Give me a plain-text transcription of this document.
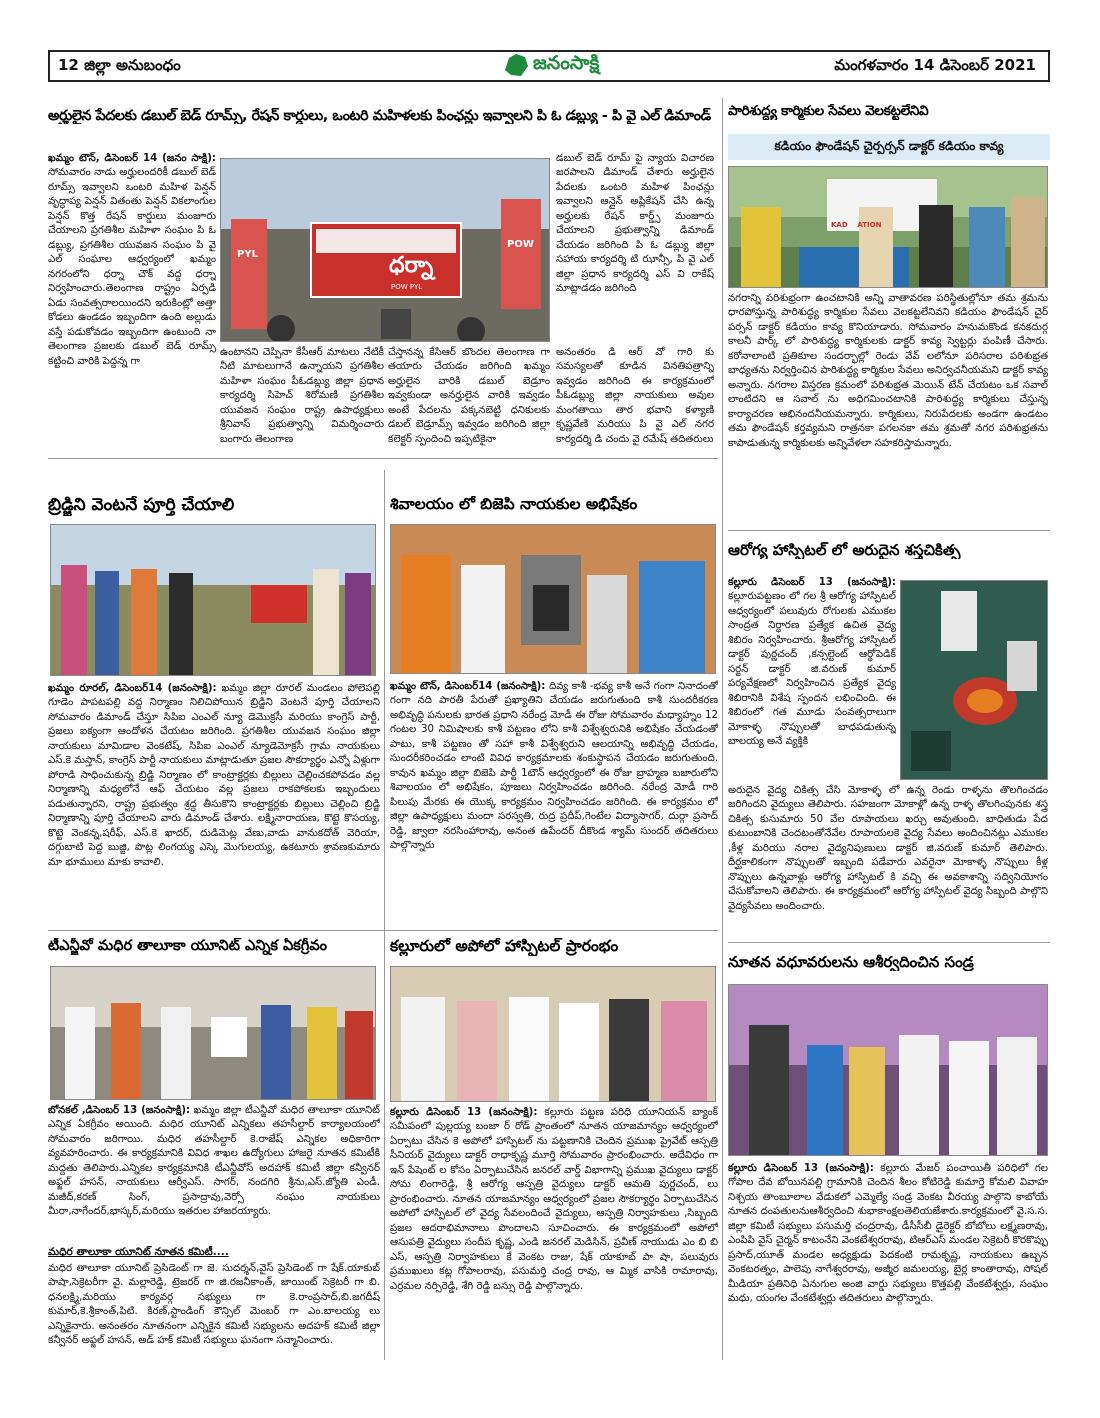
12 జిల్లా అనుబంధం	జనంసాక్షి	మంగళవారం 14 డిసెంబర్ 2021
అర్హులైన పేదలకు డబుల్ బెడ్ రూమ్స్, రేషన్ కార్డులు, ఒంటరి మహిళలకు పింఛన్లు ఇవ్వాలని పి ఓ డబ్ల్యు - పి వై ఎల్ డిమాండ్
ఖమ్మం టౌన్, డిసెంబర్ 14 (జనం సాక్షి): సోమవారం నాడు అర్హులందరికీ డబుల్ బెడ్ రూమ్స్ ఇవ్వాలని ఒంటరి మహిళ పెన్షన్ వృద్ధాప్య పెన్షన్ వితంతు పెన్షన్ వికలాంగుల పెన్షన్ కొత్త రేషన్ కార్డులు మంజూరు చేయాలని ప్రగతిశీల మహిళా సంఘం పి ఓ డబ్ల్యు, ప్రగతిశీల యువజన సంఘం పి వై ఎల్ సంఘాల ఆధ్వర్యంలో ఖమ్మం నగరంలోని ధర్నా చౌక్ వద్ద ధర్నా నిర్వహించారు.తెలంగాణ రాష్ట్రం ఏర్పడి ఏడు సంవత్సరాలయిందని ఇరుకింట్లో అత్తా కోడలు ఉండడం ఇబ్బందిగా ఉంది అల్లుడు వస్తే పడుకోవడం ఇబ్బందిగా ఉంటుంది నా తెలంగాణ ప్రజలకు డబుల్ బెడ్ రూమ్స్ కట్టించి వారికి పెద్దన్న గా
ధర్నా
POW PYL
PYL
POW
ఉంటానని చెప్పినా కేసీఆర్ మాటలు నేటికీ నీటి మాటలుగానే ఉన్నాయని ప్రగతిశీల మహిళా సంఘం పీఓడబ్ల్యు జిల్లా ప్రధాన కార్యదర్శి సిహెచ్ శిరోమణి ప్రగతిశీల యువజన సంఘం రాష్ట్ర ఉపాధ్యక్షులు శ్రీనివాస్ ప్రభుత్వాన్ని విమర్శించారు బంగారు తెలంగాణ
చేస్తానన్న కేసిఆర్ బొందల తెలంగాణ గా తయారు చేయడం జరిగింది ఖమ్మం అర్హులైన వారికి డబుల్ బెడ్రూం ఇవ్వకుండా అనర్హులైన వారికి ఇవ్వడం అంటే పేదలను పక్కనబెట్టి ధనికులకు డబల్ బెడ్రూమ్స్ ఇవ్వడం జరిగింది జిల్లా కలెక్టర్ స్పందించి ఇప్పటికైనా
డబుల్ బెడ్ రూమ్ పై న్యాయ విచారణ జరపాలని డిమాండ్ చేశారు అర్హులైన పేదలకు ఒంటరి మహిళ పింఛన్లు ఇవ్వాలని ఆన్లైన్ అప్లికేషన్ చేసి ఉన్న అర్హులకు రేషన్ కార్డ్స్ మంజూరు చేయాలని ప్రభుత్వాన్ని డిమాండ్ చేయడం జరిగింది పి ఓ డబ్ల్యు జిల్లా సహాయ కార్యదర్శి టి ఝాన్సీ, పి వై ఎల్ జిల్లా ప్రధాన కార్యదర్శి ఎస్ వి రాకేష్ మాట్లాడడం జరిగింది
అనంతరం డి ఆర్ వో గారి కు సమస్యలతో కూడిన వినతిపత్రాన్ని ఇవ్వడం జరిగింది ఈ కార్యక్రమంలో పీఓడబ్ల్యు జిల్లా నాయకులు అవుల మంగతాయి తార భవాని కళ్యాణి కృష్ణవేణి మరియు పి వై ఎల్ నగర కార్యదర్శి డి చందు వై రమేష్ తదితరులు
పారిశుద్ధ్య కార్మికుల సేవలు వెలకట్టలేనివి
కడియం ఫౌండేషన్ చైర్పర్సన్ డాక్టర్ కడియం కావ్య
KAD    ATION
నగరాన్ని పరిశుభ్రంగా ఉంచటానికి అన్ని వాతావరణ పరిస్థితుల్లోనూ తమ శ్రమను ధారపోస్తున్న పారిశుద్ధ్య కార్మికుల సేవలు వెలకట్టలేనివని కడియం ఫౌండేషన్ చైర్ పర్సన్ డాక్టర్ కడియం కావ్య కొనియాడారు. సోమవారం హనుమకొండ కనకదుర్గ కాలనీ పార్క్ లో పారిశుద్ధ్య కార్మికులకు డాక్టర్ కావ్య స్వెట్టర్లు పంపిణీ చేసారు. కరోనాలాంటి ప్రతికూల సందర్భాల్లో రెండు వేవ్ లలోనూ పరిసరాల పరిశుభ్రత బాధ్యతను నిర్వర్తించిన పారిశుద్ధ్య కార్మికుల సేవలు అనిర్వచనీయమని డాక్టర్ కావ్య అన్నారు. నగరాల విస్తరణ క్రమంలో పరిశుభ్రత మెయిన్ టేన్ చేయటం ఒక సవాల్ లాంటిదని ఆ సవాల్ ను అధిగమించటానికి పారిశుద్ధ్య కార్మికులు చేస్తున్న కార్యాచరణ అభినందనీయమన్నారు. కార్మికులు, నిరుపేదలకు అండగా ఉండటం తమ ఫౌండేషన్ కర్తవ్యమని రాత్రనకా పగలనకా తమ శ్రమతో నగర పరిశుభ్రతను కాపాడుతున్న కార్మికులకు అన్నివేళలా సహకరిస్తామన్నారు.
ఆరోగ్య హాస్పిటల్ లో అరుదైన శస్త్రచికిత్స
కల్లూరు డిసెంబర్ 13 (జనంసాక్షి): కల్లూరుపట్టణం లో గల శ్రీ ఆరోగ్య హాస్పిటల్ ఆధ్వర్యంలో పలువురు రోగులకు ఎముకల సాంద్రత నిర్ధారణ ప్రత్యేక ఉచిత వైద్య శిబిరం నిర్వహించారు. శ్రీఆరోగ్య హాస్పిటల్ డాక్టర్ పుర్ణచంద్ ,కన్సల్టెంట్ ఆర్థోపెడిక్ సర్జన్ డాక్టర్ జి.వరుణ్ కుమార్ పర్యవేక్షణలో నిర్వహించిన ప్రత్యేక వైద్య శిబిరానికి విశేష స్పందన లభించింది. ఈ శిబిరంలో గత మూడు సంవత్సరాలుగా మోకాళ్ళ నొప్పులతో బాధపడుతున్న బాలయ్య అనే వ్యక్తికి
అరుదైన వైద్య చికిత్స చేసి మోకాళ్ళ లో ఉన్న రెండు రాళ్ళను తొలగించడం జరిగిందని వైద్యులు తెలిపారు. సహజంగా మోకాళ్లో ఉన్న రాళ్ళ తొలగింపునకు శస్త్ర చికిత్స కుసుమారు 50 వేల రూపాయలు ఖర్చు అవుతుంది. బాధితుడు పేద కుటుంబానికి చెందటంతోనేవేల రూపాయలకె వైద్య సేవలు అందించినట్లు ఎముకల ,కీళ్ల మరియు నరాల వైద్యనిపుణులు డాక్టర్ జి.వరుణ్ కుమార్ తెలిపారు. దీర్ఘకాలికంగా నొప్పులతో ఇబ్బంది పడేవారు ఎవరైనా మోకాళ్ళ నొప్పులు కీళ్ల నొప్పులు ఉన్నవాళ్లు ఆరోగ్య హాస్పిటల్ కి వచ్చి ఈ అవకాశాన్ని సద్వినియోగం చేసుకోవాలని తెలిపారు. ఈ కార్యక్రమంలో ఆరోగ్య హాస్పిటల్ వైద్య సిబ్బంది పాల్గొని వైద్యసేవలు అందించారు.
నూతన వధూవరులను ఆశీర్వదించిన సండ్ర
కల్లూరు డిసెంబర్ 13 (జనంసాక్షి): కల్లూరు మేజర్ పంచాయితీ పరిధిలో గల గోపాల దేవ బోయినపల్లి గ్రామానికి చెందిన శీలం కోటిరెడ్డి కుమార్తె కోమలి వివాహ నిశ్చయ తాంబూలాల వేడుకలో ఎమ్మెల్యే సండ్ర వెంకట వీరయ్య పాల్గొని కాబోయే నూతన దంపతులనుఆశీర్వదించి శుభాకాంక్షలతెలియజేశారు.కార్యక్రమంలో వై.స.స. జిల్లా కమిటీ సభ్యులు పసుమర్తి చంద్రరావు, డీసీసీబీ డైరెక్టర్ బోబోలు లక్ష్మణరావు, ఎంపిపి వైస్ చైర్మన్ కాటంనేని వెంకటేశ్వరరావు, టిఆర్ఎస్ మండల సెక్రెటరీ కొరకొప్పు ప్రసాద్,యూత్ మండల అధ్యక్షుడు పెదకంటి రామకృష్ణ, నాయకులు ఉబ్బన వెంకటరత్నం, పాలెపు నాగేశ్వరరావు, అజ్మీర జమలయ్య, బైర్ల కాంతారావు, సోషల్ మీడియా ప్రతినిధి ఏనుగుల అంజి వార్డు సభ్యులు కొత్తపల్లి వేంకటేశ్వర్లు, సంఘం మధు, యంగల వేంకటేశ్వర్లు తదితరులు పాల్గొన్నారు.
బ్రిడ్జిని వెంటనే పూర్తి చేయాలి
ఖమ్మం రూరల్, డిసెంబర్14 (జనంసాక్షి): ఖమ్మం జిల్లా రూరల్ మండలం పోలెపల్లి గూడెం పాపటపల్లి వద్ద నిర్మాణం నిలిచిపోయిన బ్రిడ్జిని వెంటనే పూర్తి చేయాలని సోమవారం డిమాండ్ చేస్తూ సిపిఐ ఎంఎల్ న్యూ డెమొక్రసీ మరియు కాంగ్రెస్ పార్టీ, ప్రజలు ఐక్యంగా ఆందోళన చేయటం జరిగింది. ప్రగతిశీల యువజన సంఘం జిల్లా నాయకులు మామిడాల వెంకటేష్, సిపిఐ ఎంఎల్ న్యూడెమోక్రసీ గ్రామ నాయకులు ఎస్.కె మస్తాన్, కాంగ్రెస్ పార్టీ నాయకులు మాట్లాడుతూ ప్రజల సౌకర్యార్థం ఎన్నో ఏళ్లుగా పోరాడి సాధించుకున్న బ్రిడ్జి నిర్మాణం లో కాంట్రాక్టర్లకు బిల్లులు చెల్లించకపోవడం వల్ల నిర్మాణాన్ని మధ్యలోనే ఆఫ్ చేయటం వల్ల ప్రజలు రాకపోకలకు ఇబ్బందులు పడుతున్నారని, రాష్ట్ర ప్రభుత్వం శ్రద్ధ తీసుకొని కాంట్రాక్టర్లకు బిల్లులు చెల్లించి బ్రిడ్జి నిర్మాణాన్ని పూర్తి చేయాలని వారు డిమాండ్ చేశారు. లక్ష్మినారాయణ, కొట్టె కొసయ్య, కొట్టె వెంకన్న,షరీఫ్, ఎస్.కె ఖాదర్, దుడిమెట్ల వేణు,వాడు వానుకదోత్ వెరియా, దగ్గుబాటి పెద్ద బుజ్జి, పొట్ల లింగయ్య ఎస్కె మొగులయ్య, ఉకటూరు శ్రావణకుమారు మా భూములు మాకు కావాలి.
శివాలయం లో బిజెపి నాయకుల అభిషేకం
ఖమ్మం టౌన్, డిసెంబర్14 (జనంసాక్షి): దివ్య కాశీ -భవ్య కాశీ అనే గంగా నినాదంతో గంగా నది పారతీ పేరుతో ప్రఖ్యాతిని చేయడం జరుగుతుంది కాశీ సుందరీకరణ అభివృద్ధి పనులకు భారత ప్రధాని నరేంద్ర మోడీ ఈ రోజు సోమవారం మధ్యాహ్నం 12 గంటల 30 నిమిషాలకు కాశీ పట్టణం లోని కాశీ విశ్వేశ్వరునికి అభిషేకం చేయడంతో పాటు, కాశీ పట్టణం తో సహా కాశీ విశ్వేశ్వరుని ఆలయాన్ని అభివృద్ధి చేయడం, సుందరీకరించడం లాంటి వివిధ కార్యక్రమాలకు శంకుస్థాపన చేయడం జరుగుతుంది. కావున ఖమ్మం జిల్లా బిజెపి పార్టీ 1టౌన్ ఆధ్వర్యంలో ఈ రోజు బ్రాహ్మణ బజారులోని శివాలయం లో అభిషేకం, పూజలు నిర్వహించడం జరిగింది. నరేంద్ర మోడీ గారి పిలుపు మేరకు ఈ యొక్క కార్యక్రమం నిర్వహించడం జరిగింది. ఈ కార్యక్రమం లో జిల్లా ఉపాధ్యక్షులు మందా సరస్వతి, రుద్ర ప్రదీప్,గెంటేల విద్యాసాగర్, దుర్గా ప్రసాద్ రెడ్డి, జ్వాలా నరసింహారావు, అనంత ఉపేందర్ దీకొండ శ్యామ్ సుందర్ తదితరులు పాల్గొన్నారు
టీఎన్జీవో మధిర తాలూకా యూనిట్ ఎన్నిక ఏకగ్రీవం
బోనకల్ ,డిసెంబర్ 13 (జనంసాక్షి): ఖమ్మం జిల్లా టీఎన్జీవో మధిర తాలూకా యూనిట్ ఎన్నిక ఏకగ్రీవం అయింది. మధిర యూనిట్ ఎన్నికలు తహసీల్దార్ కార్యాలయంలో సోమవారం జరిగాయి. మధిర తహసీల్దార్ కె.రాజేష్ ఎన్నికల అధికారిగా వ్యవహరించారు. ఈ కార్యక్రమానికి వివిధ శాఖల ఉద్యోగులు హాజరై నూతన కమిటీకి మద్దతు తెలిపారు.ఎన్నికల కార్యక్రమానికి టీఎన్జీవోస్ అదహాక్ కమిటీ జిల్లా కన్వీనర్ అఫ్జల్ హసన్, నాయకులు ఆర్వీఎస్. సాగర్, నందగిరి శ్రీను,ఎస్.జ్యోతి ఎండీ. మజీద్,కరణ్ సింగ్, ప్రసాద్రావు,వెర్సో నంఘం నాయకులు మీరా,నాగేందర్,భాస్కర్,మరియు ఇతరుల హాజరయ్యారు.
మధిర తాలూకా యూనిట్ నూతన కమిటీ....
మధిర తాలూకా యూనిట్ ప్రెసిడెంట్ గా జె. సుదర్శన్,వైస్ ప్రెసిడెంట్ గా షేక్.యాకుబ్ పాషా,సెక్రెటరీగా వై. మల్లారెడ్డి, ట్రెజరర్ గా జి.రజనీకాంత్, జాయింట్ సెక్రెటరీ గా బి. ధనలక్ష్మి,మరియు కార్యవర్గ సభ్యులు గా కె.రాంప్రసాద్,బి.జగదీష్ కుమార్,కె.శ్రీకాంత్,పిటి. కిరణ్,స్టాండింగ్ కౌన్సిల్ మెంబర్ గా ఎం.బాలయ్య లు ఎన్నికైనారు. అనంతరం నూతనంగా ఎన్నికైన కమిటీ సభ్యులను అదహక్ కమిటీ జిల్లా కన్వీనర్ అఫ్జల్ హసన్, అడ్ హక్ కమిటీ సభ్యులు ఘనంగా సన్మానించారు.
కల్లూరులో అపోలో హాస్పిటల్ ప్రారంభం
కల్లూరు డిసెంబర్ 13 (జనంసాక్షి): కల్లూరు పట్టణ పరిధి యూనియన్ బ్యాంక్ సమీపంలో పుల్లయ్య బంజా ర్ రోడ్ ప్రాంతంలో నూతన యాజమాన్యం ఆధ్వర్యంలో ఏర్పాటు చేసిన కె అపోలో హాస్పిటల్ ను పట్టణానికి చెందిన ప్రముఖ ప్రైవేట్ ఆస్పత్రి సీనియర్ వైద్యులు డాక్టర్ రాధాకృష్ణ మూర్తి సోమవారం ప్రారంభించారు. అదేవిధం గా ఇన్ పేషెంట్ ల కోసం ఏర్పాటుచేసిన జనరల్ వార్డ్ విభాగాన్ని ప్రముఖ వైద్యులు డాక్టర్ సోమ లింగారెడ్డి, శ్రీ ఆరోగ్య ఆస్పత్రి వైద్యులు డాక్టర్ ఆమతి పుర్ణచంద్, లు ప్రారంభించారు. నూతన యాజమాన్యం ఆధ్వర్యంలో ప్రజల సౌకర్యార్థం ఏర్పాటుచేసిన అపోలో హాస్పిటల్ లో వైద్య సేవలందించే వైద్యులు, ఆస్పత్రి నిర్వాహకులు ,సిబ్బంది ప్రజల ఆదరాభిమానాలు పొందాలని సూచించారు. ఈ కార్యక్రమంలో అపోలో ఆసుపత్రి వైద్యులు సందీప కృష్ణ, ఎండి జనరల్ మెడిసిన్, ప్రవీణ్ నాయుడు ఎం బి బి ఎస్, ఆస్పత్రి నిర్వాహకులు కే వెంకట రాజు, షేక్ యాకూబ్ పా షా, పలువురు ప్రముఖులు కట్ల గోపాలరావు, పసుమర్తి చంద్ర రావు, ఆ మ్మిక వాసికి రామారావు, ఎర్రమల నర్సిరెడ్డి, శేగి రెడ్డి బస్సు రెడ్డి పాల్గొన్నారు.
